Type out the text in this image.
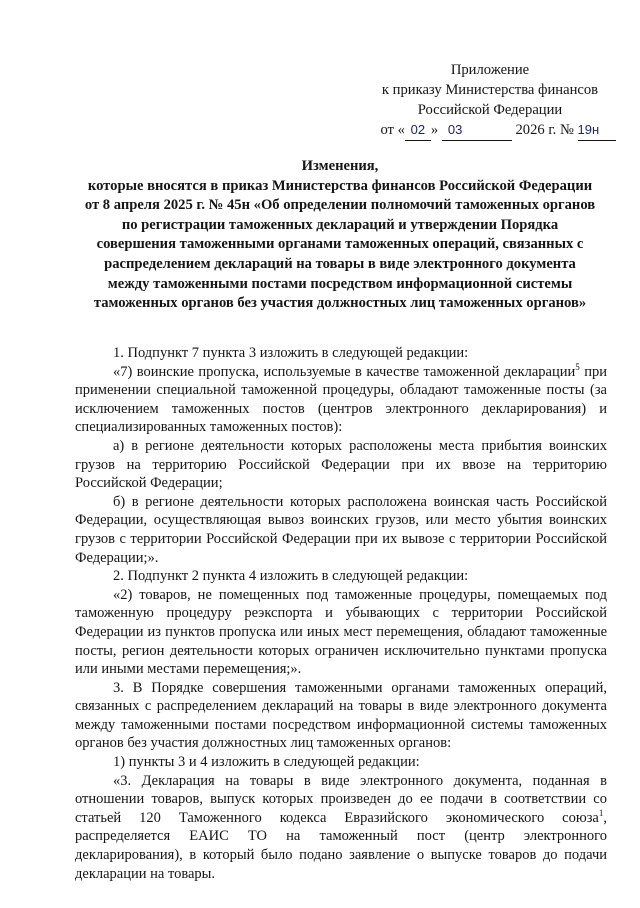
Приложение
к приказу Министерства финансов
Российской Федерации
от « 02 » 03	2026 г. № 19н
Изменения,
которые вносятся в приказ Министерства финансов Российской Федерации
от 8 апреля 2025 г. № 45н «Об определении полномочий таможенных органов
по регистрации таможенных деклараций и утверждении Порядка
совершения таможенными органами таможенных операций, связанных с
распределением деклараций на товары в виде электронного документа
между таможенными постами посредством информационной системы
таможенных органов без участия должностных лиц таможенных органов»

1. Подпункт 7 пункта 3 изложить в следующей редакции:

«7) воинские пропуска, используемые в качестве таможенной декларации$^5$ при применении специальной таможенной процедуры, обладают таможенные посты (за исключением таможенных постов (центров электронного декларирования) и специализированных таможенных постов):

а) в регионе деятельности которых расположены места прибытия воинских грузов на территорию Российской Федерации при их ввозе на территорию Российской Федерации;

б) в регионе деятельности которых расположена воинская часть Российской Федерации, осуществляющая вывоз воинских грузов, или место убытия воинских грузов с территории Российской Федерации при их вывозе с территории Российской Федерации;».

2. Подпункт 2 пункта 4 изложить в следующей редакции:

«2) товаров, не помещенных под таможенные процедуры, помещаемых под таможенную процедуру реэкспорта и убывающих с территории Российской Федерации из пунктов пропуска или иных мест перемещения, обладают таможенные посты, регион деятельности которых ограничен исключительно пунктами пропуска или иными местами перемещения;».

3. В Порядке совершения таможенными органами таможенных операций, связанных с распределением деклараций на товары в виде электронного документа между таможенными постами посредством информационной системы таможенных органов без участия должностных лиц таможенных органов:

1) пункты 3 и 4 изложить в следующей редакции:

«3. Декларация на товары в виде электронного документа, поданная в отношении товаров, выпуск которых произведен до ее подачи в соответствии со статьей 120 Таможенного кодекса Евразийского экономического союза$^1$, распределяется ЕАИС ТО на таможенный пост (центр электронного декларирования), в который было подано заявление о выпуске товаров до подачи декларации на товары.
